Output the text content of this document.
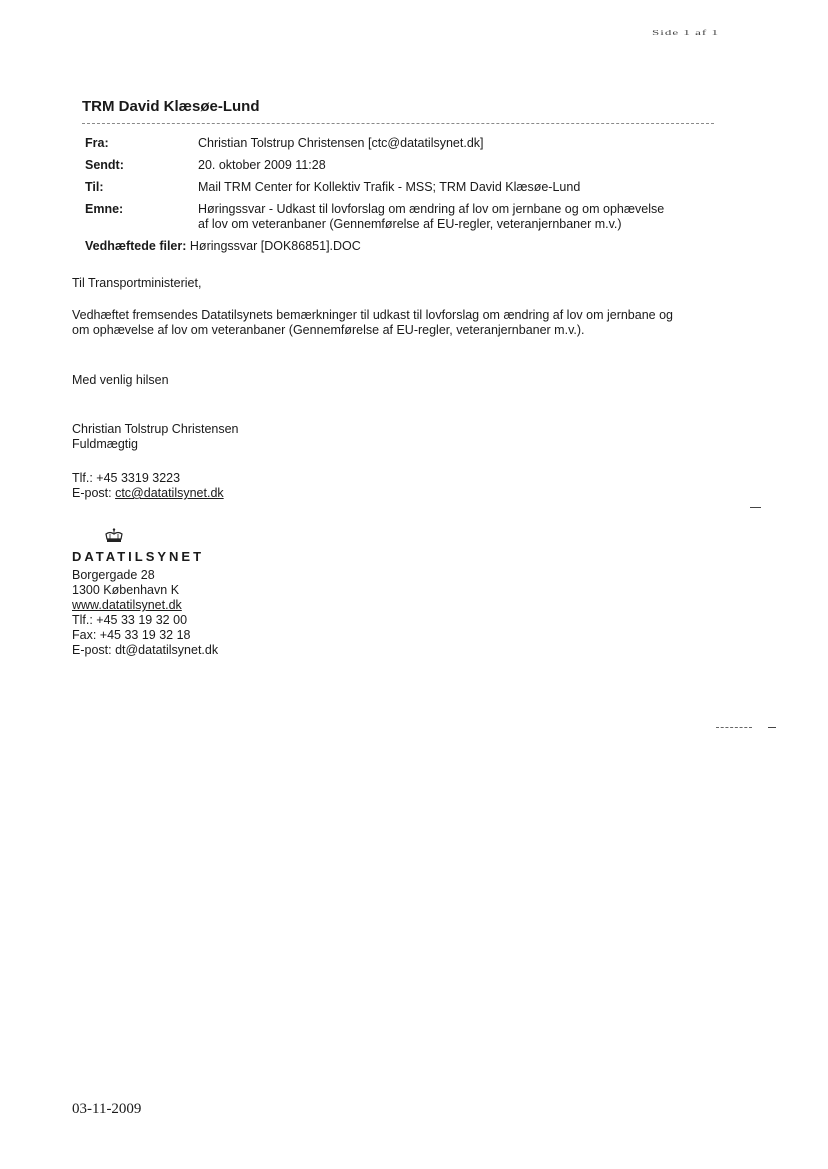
Side 1 af 1
TRM David Klæsøe-Lund
Fra:	Christian Tolstrup Christensen [ctc@datatilsynet.dk]
Sendt:	20. oktober 2009 11:28
Til:	Mail TRM Center for Kollektiv Trafik - MSS; TRM David Klæsøe-Lund
Emne:	Høringssvar - Udkast til lovforslag om ændring af lov om jernbane og om ophævelse
af lov om veteranbaner (Gennemførelse af EU-regler, veteranjernbaner m.v.)
Vedhæftede filer: Høringssvar [DOK86851].DOC
Til Transportministeriet,
Vedhæftet fremsendes Datatilsynets bemærkninger til udkast til lovforslag om ændring af lov om jernbane og
om ophævelse af lov om veteranbaner (Gennemførelse af EU-regler, veteranjernbaner m.v.).
Med venlig hilsen
Christian Tolstrup Christensen
Fuldmægtig
Tlf.: +45 3319 3223
E-post: ctc@datatilsynet.dk
DATATILSYNET
Borgergade 28
1300 København K
www.datatilsynet.dk
Tlf.: +45 33 19 32 00
Fax: +45 33 19 32 18
E-post: dt@datatilsynet.dk
03-11-2009
